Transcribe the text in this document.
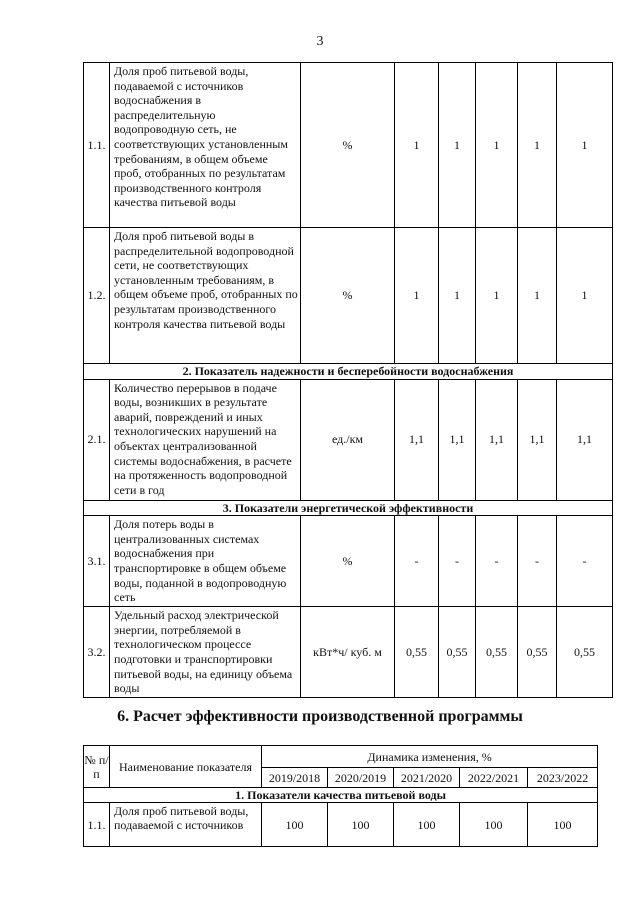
3
1.1.	Доля проб питьевой воды, подаваемой с источников водоснабжения в распределительную водопроводную сеть, не соответствующих установленным требованиям, в общем объеме проб, отобранных по результатам производственного контроля качества питьевой воды	%	1	1	1	1	1
1.2.	Доля проб питьевой воды в распределительной водопроводной сети, не соответствующих установленным требованиям, в общем объеме проб, отобранных по результатам производственного контроля качества питьевой воды	%	1	1	1	1	1
2. Показатель надежности и бесперебойности водоснабжения							
2.1.	Количество перерывов в подаче воды, возникших в результате аварий, повреждений и иных технологических нарушений на объектах централизованной системы водоснабжения, в расчете на протяженность водопроводной сети в год	ед./км	1,1	1,1	1,1	1,1	1,1
3. Показатели энергетической эффективности							
3.1.	Доля потерь воды в централизованных системах водоснабжения при транспортировке в общем объеме воды, поданной в водопроводную сеть	%	-	-	-	-	-
3.2.	Удельный расход электрической энергии, потребляемой в технологическом процессе подготовки и транспортировки питьевой воды, на единицу объема воды	кВт*ч/ куб. м	0,55	0,55	0,55	0,55	0,55
6. Расчет эффективности производственной программы
№ п/п	Наименование показателя	Динамика изменения, %				
		2019/2018	2020/2019	2021/2020	2022/2021	2023/2022
1. Показатели качества питьевой воды						
1.1.	Доля проб питьевой воды, подаваемой с источников	100	100	100	100	100
